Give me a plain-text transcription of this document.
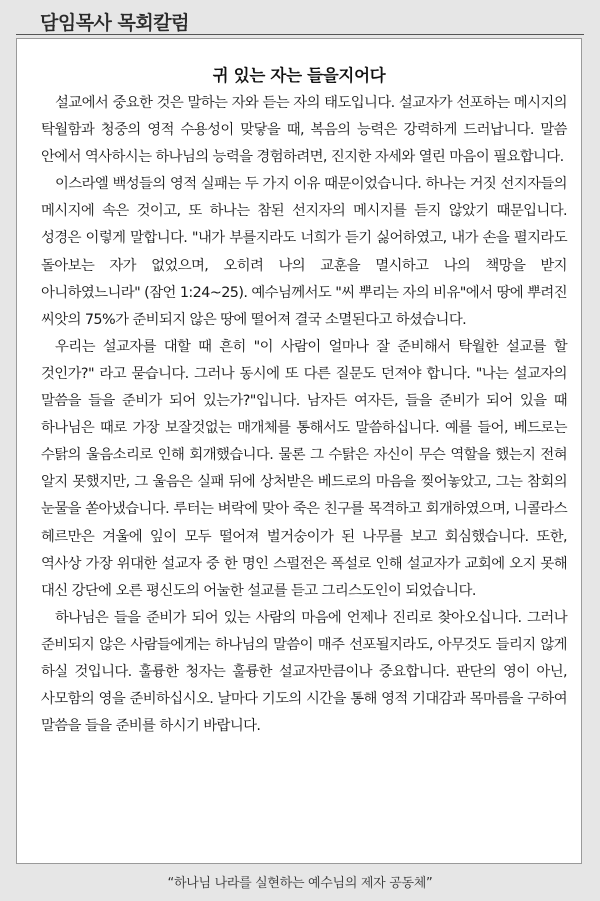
담임목사 목회칼럼
귀 있는 자는 들을지어다

설교에서 중요한 것은 말하는 자와 듣는 자의 태도입니다. 설교자가 선포하는 메시지의 탁월함과 청중의 영적 수용성이 맞닿을 때, 복음의 능력은 강력하게 드러납니다. 말씀 안에서 역사하시는 하나님의 능력을 경험하려면, 진지한 자세와 열린 마음이 필요합니다.

이스라엘 백성들의 영적 실패는 두 가지 이유 때문이었습니다. 하나는 거짓 선지자들의 메시지에 속은 것이고, 또 하나는 참된 선지자의 메시지를 듣지 않았기 때문입니다. 성경은 이렇게 말합니다. "내가 부를지라도 너희가 듣기 싫어하였고, 내가 손을 펼지라도 돌아보는 자가 없었으며, 오히려 나의 교훈을 멸시하고 나의 책망을 받지 아니하였느니라" (잠언 1:24~25). 예수님께서도 "씨 뿌리는 자의 비유"에서 땅에 뿌려진 씨앗의 75%가 준비되지 않은 땅에 떨어져 결국 소멸된다고 하셨습니다.

우리는 설교자를 대할 때 흔히 "이 사람이 얼마나 잘 준비해서 탁월한 설교를 할 것인가?" 라고 묻습니다. 그러나 동시에 또 다른 질문도 던져야 합니다. "나는 설교자의 말씀을 들을 준비가 되어 있는가?"입니다. 남자든 여자든, 들을 준비가 되어 있을 때 하나님은 때로 가장 보잘것없는 매개체를 통해서도 말씀하십니다. 예를 들어, 베드로는 수탉의 울음소리로 인해 회개했습니다. 물론 그 수탉은 자신이 무슨 역할을 했는지 전혀 알지 못했지만, 그 울음은 실패 뒤에 상처받은 베드로의 마음을 찢어놓았고, 그는 참회의 눈물을 쏟아냈습니다. 루터는 벼락에 맞아 죽은 친구를 목격하고 회개하였으며, 니콜라스 헤르만은 겨울에 잎이 모두 떨어져 벌거숭이가 된 나무를 보고 회심했습니다. 또한, 역사상 가장 위대한 설교자 중 한 명인 스펄전은 폭설로 인해 설교자가 교회에 오지 못해 대신 강단에 오른 평신도의 어눌한 설교를 듣고 그리스도인이 되었습니다.

하나님은 들을 준비가 되어 있는 사람의 마음에 언제나 진리로 찾아오십니다. 그러나 준비되지 않은 사람들에게는 하나님의 말씀이 매주 선포될지라도, 아무것도 들리지 않게 하실 것입니다. 훌륭한 청자는 훌륭한 설교자만큼이나 중요합니다. 판단의 영이 아닌, 사모함의 영을 준비하십시오. 날마다 기도의 시간을 통해 영적 기대감과 목마름을 구하여 말씀을 들을 준비를 하시기 바랍니다.

“하나님 나라를 실현하는 예수님의 제자 공동체”
